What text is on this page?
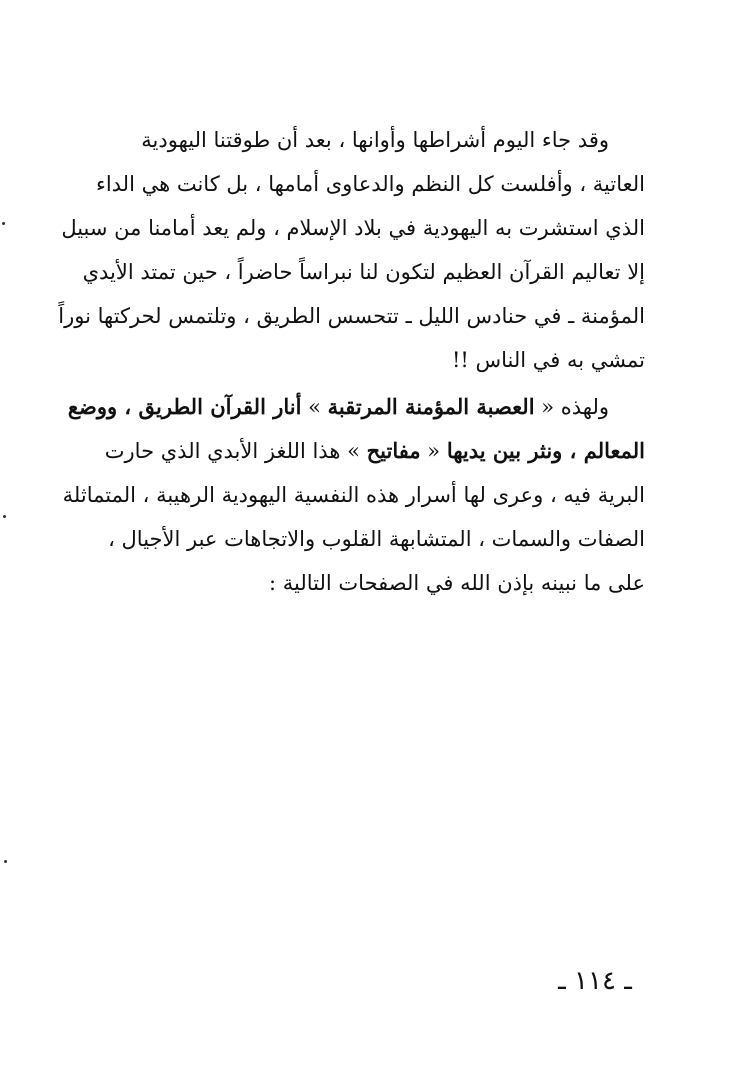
وقد جاء اليوم أشراطها وأوانها ، بعد أن طوقتنا اليهودية
العاتية ، وأفلست كل النظم والدعاوى أمامها ، بل كانت هي الداء
الذي استشرت به اليهودية في بلاد الإسلام ، ولم يعد أمامنا من سبيل
إلا تعاليم القرآن العظيم لتكون لنا نبراساً حاضراً ، حين تمتد الأيدي
المؤمنة ـ في حنادس الليل ـ تتحسس الطريق ، وتلتمس لحركتها نوراً
تمشي به في الناس !!
ولهذه « العصبة المؤمنة المرتقبة » أنار القرآن الطريق ، ووضع
المعالم ، ونثر بين يديها « مفاتيح » هذا اللغز الأبدي الذي حارت
البرية فيه ، وعرى لها أسرار هذه النفسية اليهودية الرهيبة ، المتماثلة
الصفات والسمات ، المتشابهة القلوب والاتجاهات عبر الأجيال ،
على ما نبينه بإذن الله في الصفحات التالية :
ـ ١١٤ ـ
